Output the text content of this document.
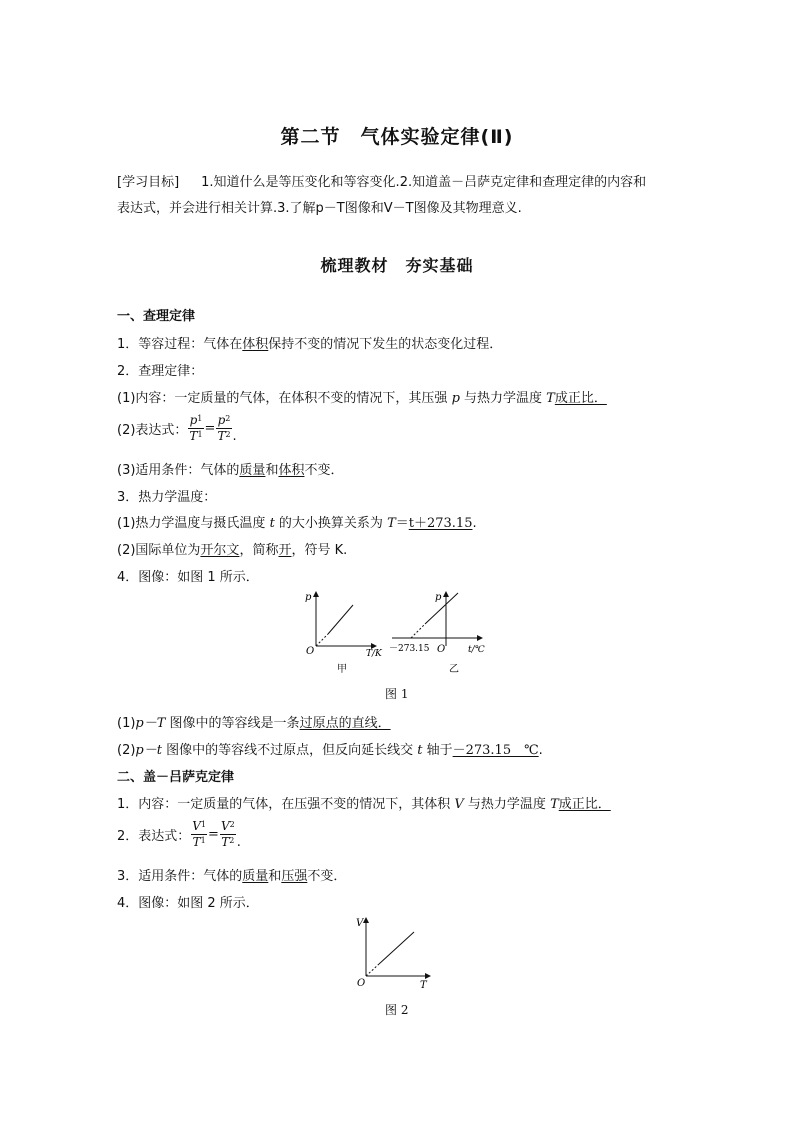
第二节　气体实验定律(Ⅱ)
[学习目标] 1.知道什么是等压变化和等容变化.2.知道盖－吕萨克定律和查理定律的内容和
表达式，并会进行相关计算.3.了解p－T图像和V－T图像及其物理意义.
梳理教材　夯实基础
一、查理定律
1．等容过程：气体在体积保持不变的情况下发生的状态变化过程．
2．查理定律：
(1)内容：一定质量的气体，在体积不变的情况下，其压强 p 与热力学温度 T成正比．
(2)表达式： $\frac{p^1}{T^1} = \frac{p^2}{T^2}$ .
(3)适用条件：气体的质量和体积不变．
3．热力学温度：
(1)热力学温度与摄氏温度 t 的大小换算关系为 T＝t＋273.15.
(2)国际单位为开尔文，简称开，符号 K.
4．图像：如图 1 所示．
p
O	T/K
甲
p
O
－273.15	t/℃
乙
图 1
(1)p－T 图像中的等容线是一条过原点的直线．
(2)p－t 图像中的等容线不过原点，但反向延长线交 t 轴于－273.15　℃.
二、盖－吕萨克定律
1．内容：一定质量的气体，在压强不变的情况下，其体积 V 与热力学温度 T成正比．
2．表达式： $\frac{V^1}{T^1} = \frac{V^2}{T^2}$ .
3．适用条件：气体的质量和压强不变．
4．图像：如图 2 所示．
V
O	T
图 2
